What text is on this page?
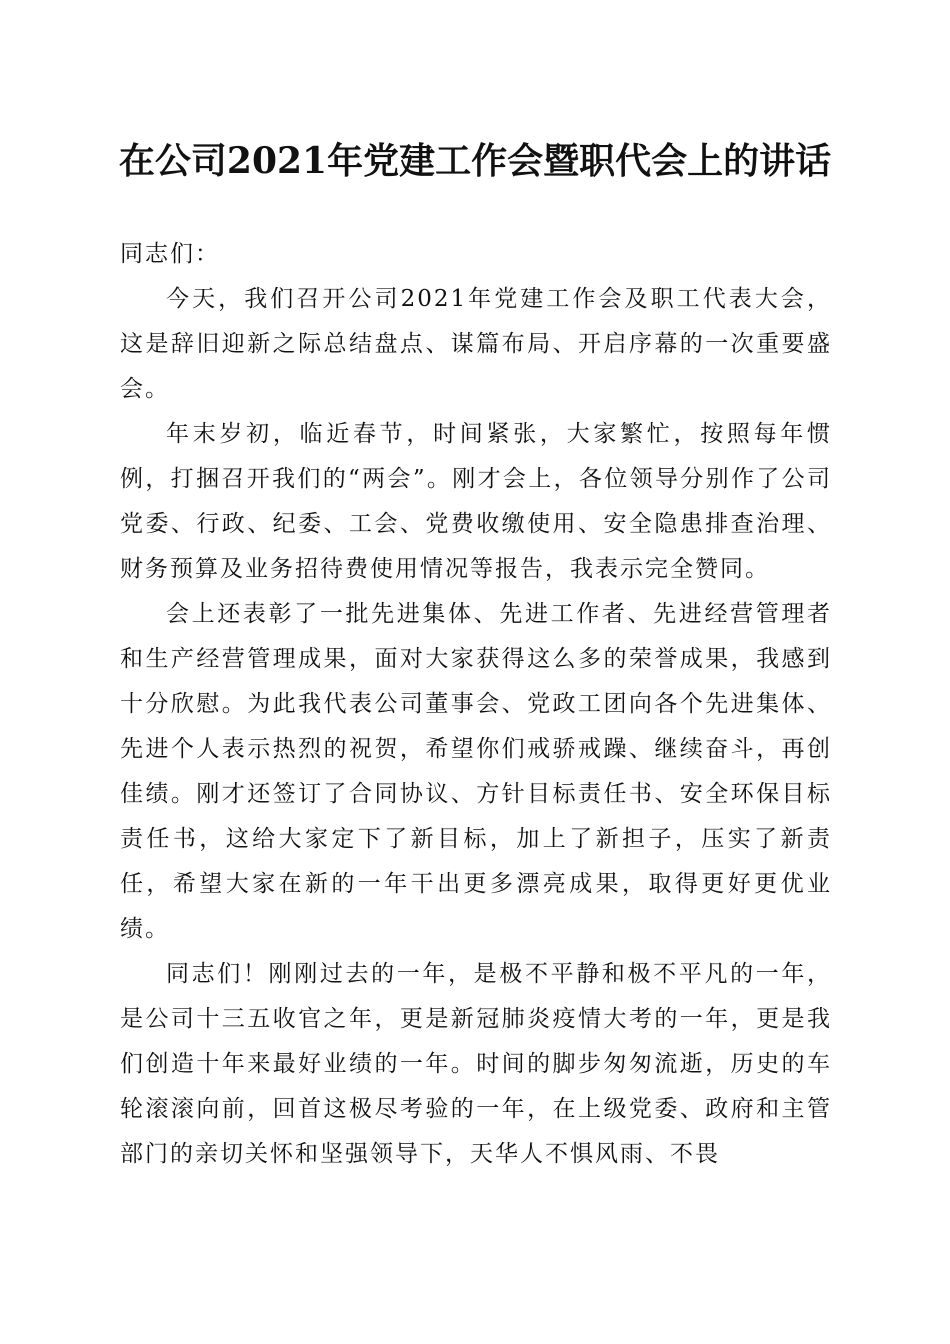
在公司2021年党建工作会暨职代会上的讲话

同志们：

今天，我们召开公司2021年党建工作会及职工代表大会，这是辞旧迎新之际总结盘点、谋篇布局、开启序幕的一次重要盛会。

年末岁初，临近春节，时间紧张，大家繁忙，按照每年惯例，打捆召开我们的“两会”。刚才会上，各位领导分别作了公司党委、行政、纪委、工会、党费收缴使用、安全隐患排查治理、财务预算及业务招待费使用情况等报告，我表示完全赞同。

会上还表彰了一批先进集体、先进工作者、先进经营管理者和生产经营管理成果，面对大家获得这么多的荣誉成果，我感到十分欣慰。为此我代表公司董事会、党政工团向各个先进集体、先进个人表示热烈的祝贺，希望你们戒骄戒躁、继续奋斗，再创佳绩。刚才还签订了合同协议、方针目标责任书、安全环保目标责任书，这给大家定下了新目标，加上了新担子，压实了新责任，希望大家在新的一年干出更多漂亮成果，取得更好更优业绩。

同志们！刚刚过去的一年，是极不平静和极不平凡的一年，是公司十三五收官之年，更是新冠肺炎疫情大考的一年，更是我们创造十年来最好业绩的一年。时间的脚步匆匆流逝，历史的车轮滚滚向前，回首这极尽考验的一年，在上级党委、政府和主管部门的亲切关怀和坚强领导下，天华人不惧风雨、不畏
